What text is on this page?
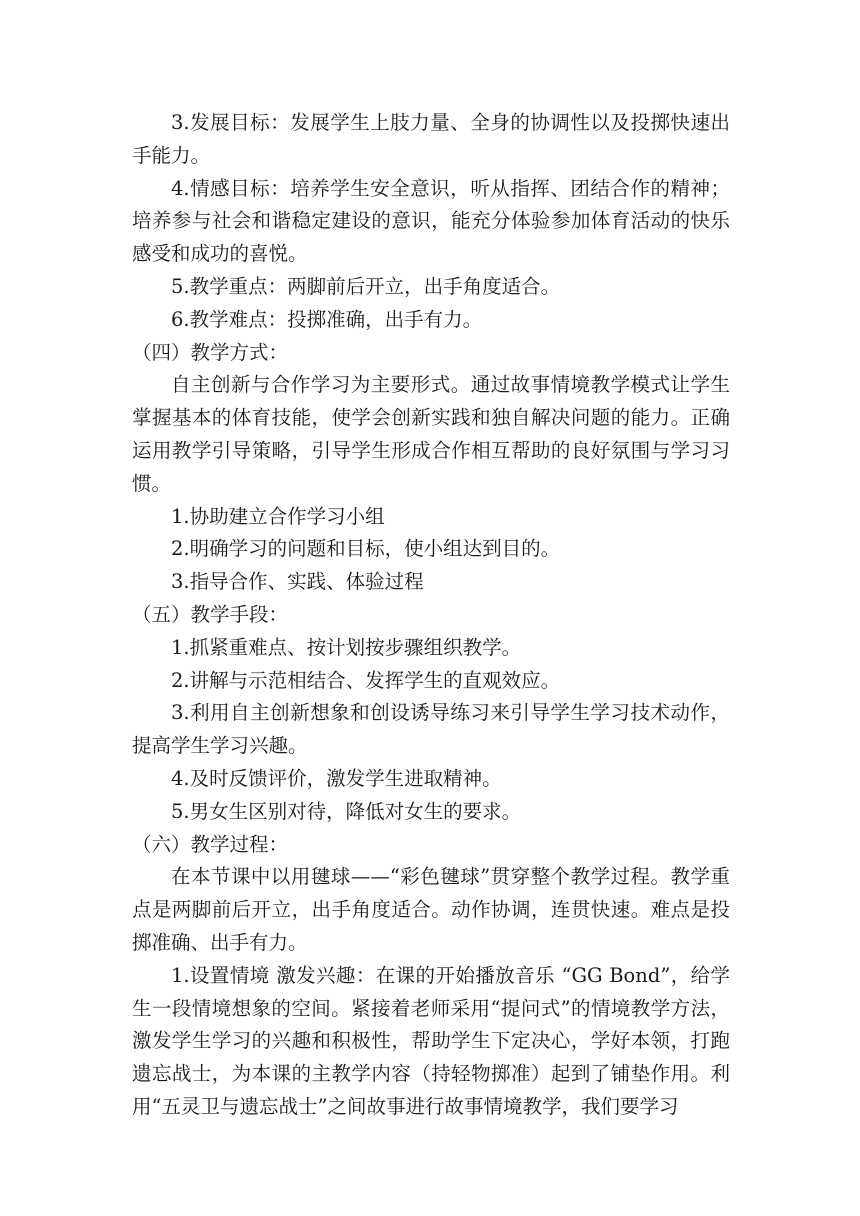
3.发展目标：发展学生上肢力量、全身的协调性以及投掷快速出手能力。

4.情感目标：培养学生安全意识，听从指挥、团结合作的精神；培养参与社会和谐稳定建设的意识，能充分体验参加体育活动的快乐感受和成功的喜悦。

5.教学重点：两脚前后开立，出手角度适合。

6.教学难点：投掷准确，出手有力。

（四）教学方式：

自主创新与合作学习为主要形式。通过故事情境教学模式让学生掌握基本的体育技能，使学会创新实践和独自解决问题的能力。正确运用教学引导策略，引导学生形成合作相互帮助的良好氛围与学习习惯。

1.协助建立合作学习小组

2.明确学习的问题和目标，使小组达到目的。

3.指导合作、实践、体验过程

（五）教学手段：

1.抓紧重难点、按计划按步骤组织教学。

2.讲解与示范相结合、发挥学生的直观效应。

3.利用自主创新想象和创设诱导练习来引导学生学习技术动作，提高学生学习兴趣。

4.及时反馈评价，激发学生进取精神。

5.男女生区别对待，降低对女生的要求。

（六）教学过程：

在本节课中以用毽球——“彩色毽球”贯穿整个教学过程。教学重点是两脚前后开立，出手角度适合。动作协调，连贯快速。难点是投掷准确、出手有力。

1.设置情境 激发兴趣：在课的开始播放音乐 “GG Bond”，给学生一段情境想象的空间。紧接着老师采用“提问式”的情境教学方法，激发学生学习的兴趣和积极性，帮助学生下定决心，学好本领，打跑遗忘战士，为本课的主教学内容（持轻物掷准）起到了铺垫作用。利用“五灵卫与遗忘战士”之间故事进行故事情境教学，我们要学习
